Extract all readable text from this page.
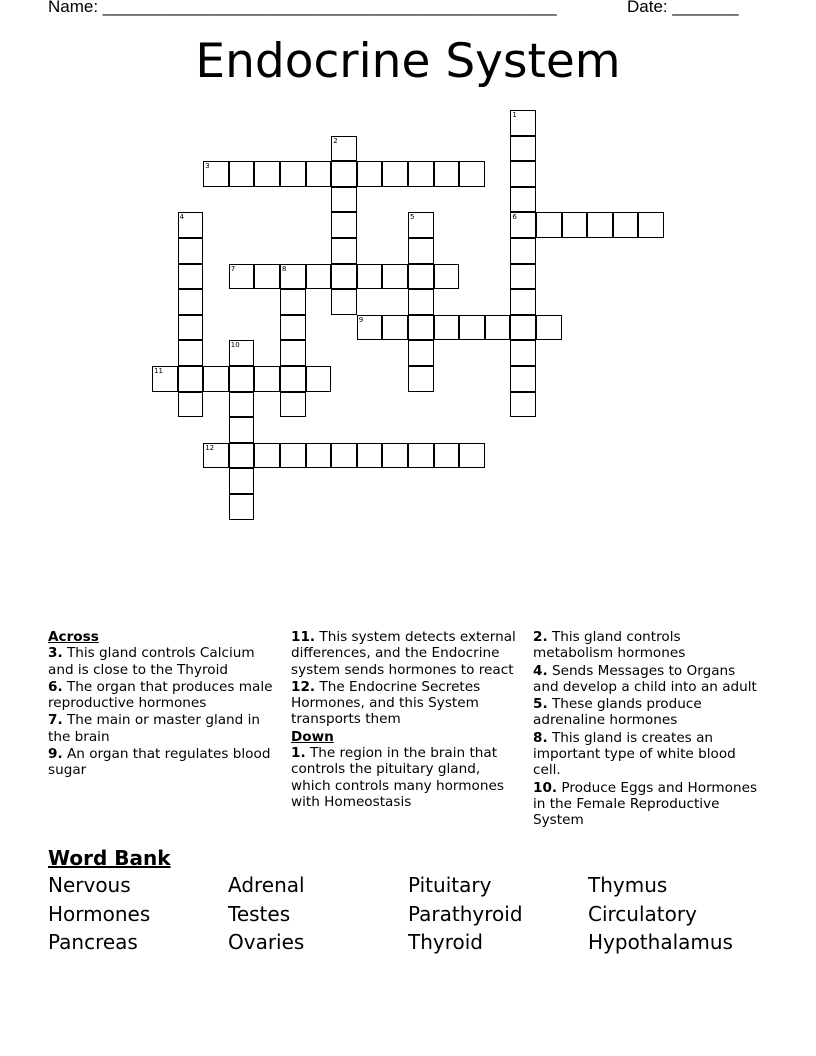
Name: ________________________________________________	Date: _______
Endocrine System
1
6
2
3
4	5
7	8
9
10
11
12
Across
3. This gland controls Calcium and is close to the Thyroid
6. The organ that produces male reproductive hormones
7. The main or master gland in the brain
9. An organ that regulates blood sugar
11. This system detects external differences, and the Endocrine system sends hormones to react
12. The Endocrine Secretes Hormones, and this System transports them
Down
1. The region in the brain that controls the pituitary gland, which controls many hormones with Homeostasis
2. This gland controls metabolism hormones
4. Sends Messages to Organs and develop a child into an adult
5. These glands produce adrenaline hormones
8. This gland is creates an important type of white blood cell.
10. Produce Eggs and Hormones in the Female Reproductive System
Word Bank
Nervous	Adrenal	Pituitary	Thymus
Hormones	Testes	Parathyroid	Circulatory
Pancreas	Ovaries	Thyroid	Hypothalamus
